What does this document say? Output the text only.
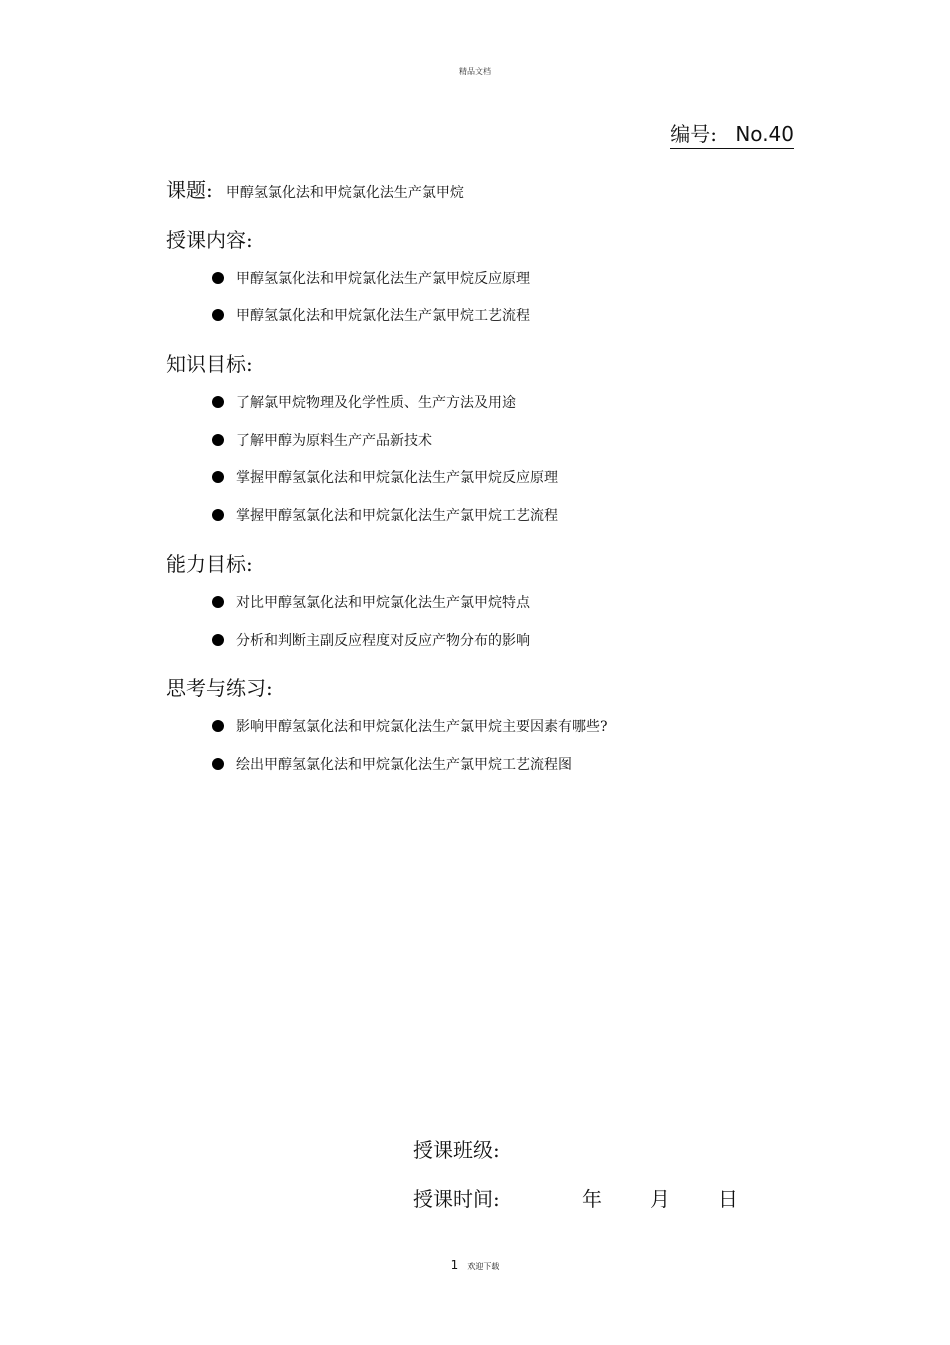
精品文档
编号: No.40
课题: 甲醇氢氯化法和甲烷氯化法生产氯甲烷
授课内容:
甲醇氢氯化法和甲烷氯化法生产氯甲烷反应原理
甲醇氢氯化法和甲烷氯化法生产氯甲烷工艺流程
知识目标:
了解氯甲烷物理及化学性质、生产方法及用途
了解甲醇为原料生产产品新技术
掌握甲醇氢氯化法和甲烷氯化法生产氯甲烷反应原理
掌握甲醇氢氯化法和甲烷氯化法生产氯甲烷工艺流程
能力目标:
对比甲醇氢氯化法和甲烷氯化法生产氯甲烷特点
分析和判断主副反应程度对反应产物分布的影响
思考与练习:
影响甲醇氢氯化法和甲烷氯化法生产氯甲烷主要因素有哪些?
绘出甲醇氢氯化法和甲烷氯化法生产氯甲烷工艺流程图
授课班级:
授课时间:	年 月 日
1 欢迎下载
